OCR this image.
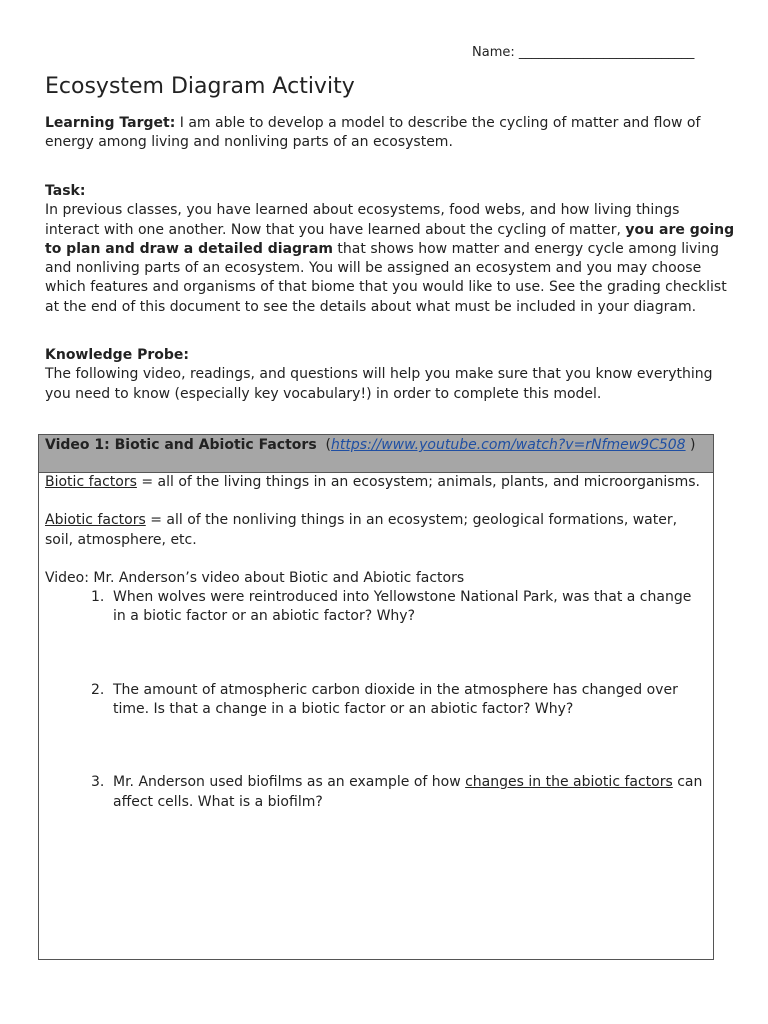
Name: ___________________________
Ecosystem Diagram Activity

Learning Target: I am able to develop a model to describe the cycling of matter and flow of energy among living and nonliving parts of an ecosystem.

Task:

In previous classes, you have learned about ecosystems, food webs, and how living things interact with one another. Now that you have learned about the cycling of matter, you are going to plan and draw a detailed diagram that shows how matter and energy cycle among living and nonliving parts of an ecosystem. You will be assigned an ecosystem and you may choose which features and organisms of that biome that you would like to use. See the grading checklist at the end of this document to see the details about what must be included in your diagram.

Knowledge Probe:

The following video, readings, and questions will help you make sure that you know everything you need to know (especially key vocabulary!) in order to complete this model.

Video 1: Biotic and Abiotic Factors  (https://www.youtube.com/watch?v=rNfmew9C508 )

Biotic factors = all of the living things in an ecosystem; animals, plants, and microorganisms.

Abiotic factors = all of the nonliving things in an ecosystem; geological formations, water, soil, atmosphere, etc.

Video: Mr. Anderson’s video about Biotic and Abiotic factors

1. When wolves were reintroduced into Yellowstone National Park, was that a change in a biotic factor or an abiotic factor? Why?

2. The amount of atmospheric carbon dioxide in the atmosphere has changed over time. Is that a change in a biotic factor or an abiotic factor? Why?

3. Mr. Anderson used biofilms as an example of how changes in the abiotic factors can affect cells. What is a biofilm?
